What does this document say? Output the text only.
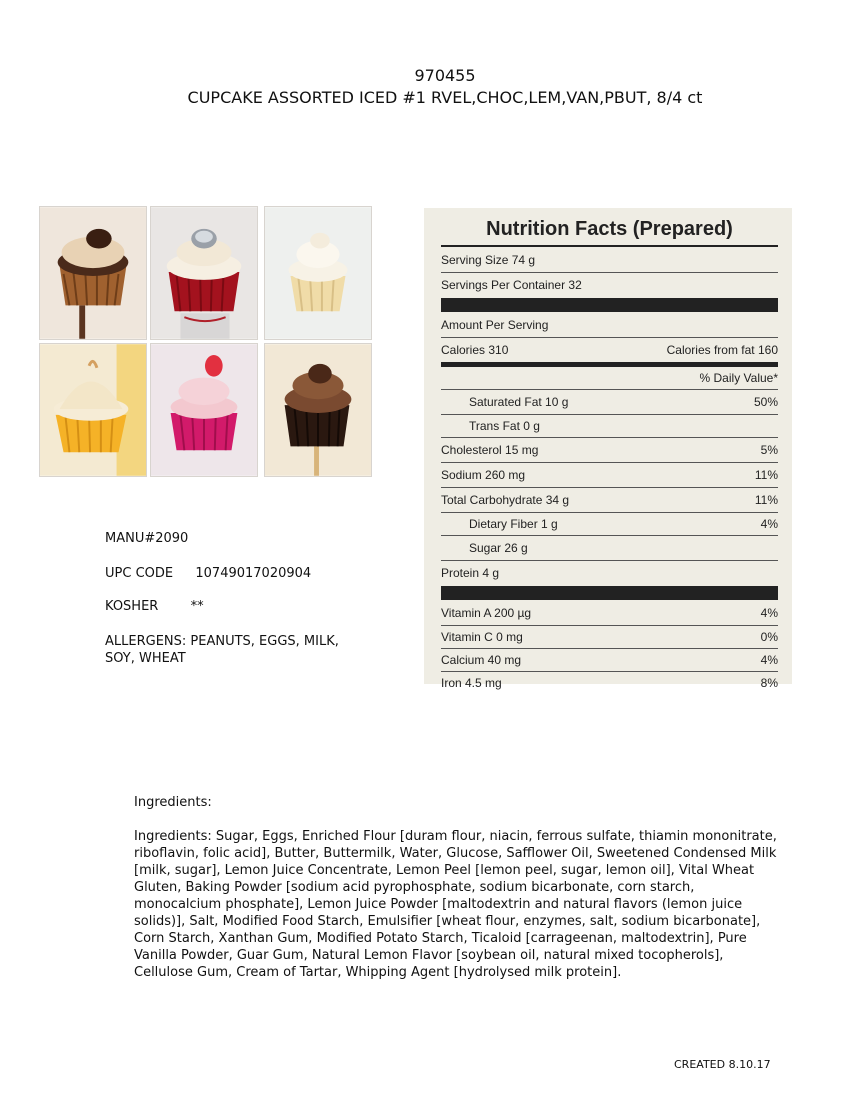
970455
CUPCAKE ASSORTED ICED #1 RVEL,CHOC,LEM,VAN,PBUT, 8/4 ct
MANU#2090
UPC CODE 10749017020904
KOSHER **
ALLERGENS: PEANUTS, EGGS, MILK,
SOY, WHEAT
Nutrition Facts (Prepared)
Serving Size 74 g
Servings Per Container 32
Amount Per Serving
Calories 310	Calories from fat 160
% Daily Value*
Saturated Fat 10 g	50%
Trans Fat 0 g
Cholesterol 15 mg	5%
Sodium 260 mg	11%
Total Carbohydrate 34 g	11%
Dietary Fiber 1 g	4%
Sugar 26 g
Protein 4 g
Vitamin A 200 µg	4%
Vitamin C 0 mg	0%
Calcium 40 mg	4%
Iron 4.5 mg	8%
Ingredients:
Ingredients: Sugar, Eggs, Enriched Flour [duram flour, niacin, ferrous sulfate, thiamin mononitrate, riboflavin, folic acid], Butter, Buttermilk, Water, Glucose, Safflower Oil, Sweetened Condensed Milk [milk, sugar], Lemon Juice Concentrate, Lemon Peel [lemon peel, sugar, lemon oil], Vital Wheat Gluten, Baking Powder [sodium acid pyrophosphate, sodium bicarbonate, corn starch, monocalcium phosphate], Lemon Juice Powder [maltodextrin and natural flavors (lemon juice solids)], Salt, Modified Food Starch, Emulsifier [wheat flour, enzymes, salt, sodium bicarbonate], Corn Starch, Xanthan Gum, Modified Potato Starch, Ticaloid [carrageenan, maltodextrin], Pure Vanilla Powder, Guar Gum, Natural Lemon Flavor [soybean oil, natural mixed tocopherols], Cellulose Gum, Cream of Tartar, Whipping Agent [hydrolysed milk protein].
CREATED 8.10.17
